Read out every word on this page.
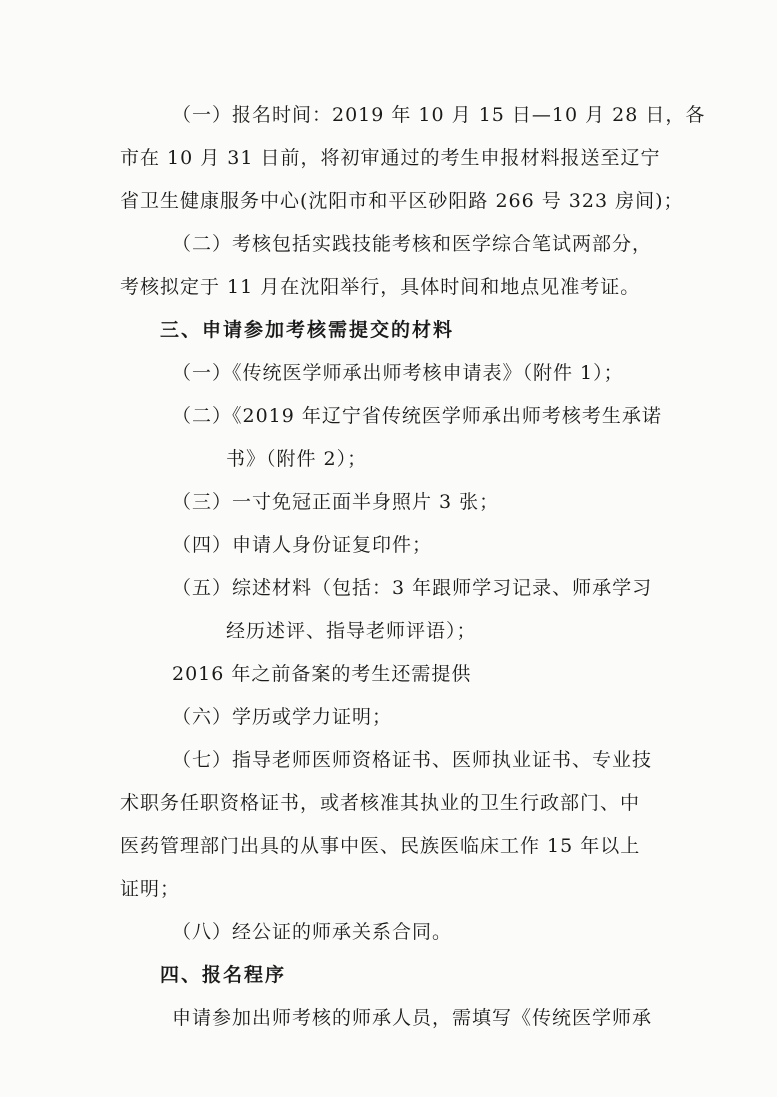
（一）报名时间：2019 年 10 月 15 日—10 月 28 日，各
市在 10 月 31 日前，将初审通过的考生申报材料报送至辽宁
省卫生健康服务中心(沈阳市和平区砂阳路 266 号 323 房间)；
（二）考核包括实践技能考核和医学综合笔试两部分，
考核拟定于 11 月在沈阳举行，具体时间和地点见准考证。
三、申请参加考核需提交的材料
（一）《传统医学师承出师考核申请表》（附件 1）；
（二）《2019 年辽宁省传统医学师承出师考核考生承诺
书》（附件 2）；
（三）一寸免冠正面半身照片 3 张；
（四）申请人身份证复印件；
（五）综述材料（包括：3 年跟师学习记录、师承学习
经历述评、指导老师评语）；
2016 年之前备案的考生还需提供
（六）学历或学力证明；
（七）指导老师医师资格证书、医师执业证书、专业技
术职务任职资格证书，或者核准其执业的卫生行政部门、中
医药管理部门出具的从事中医、民族医临床工作 15 年以上
证明；
（八）经公证的师承关系合同。
四、报名程序
申请参加出师考核的师承人员，需填写《传统医学师承
